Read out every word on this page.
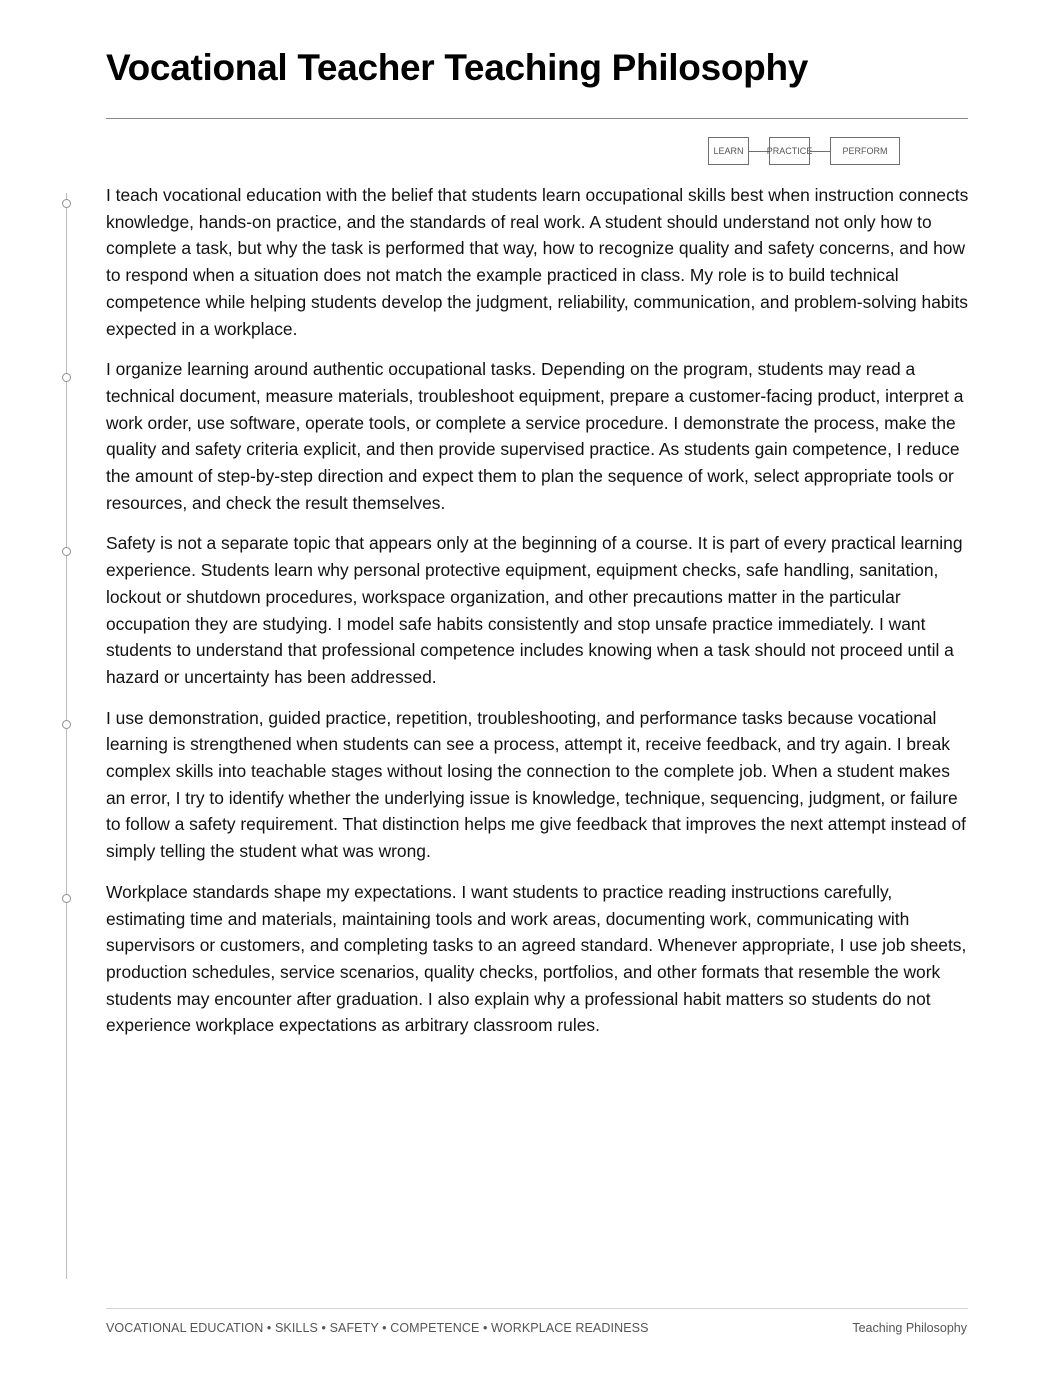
Vocational Teacher Teaching Philosophy
LEARN	PRACTICE	PERFORM

I teach vocational education with the belief that students learn occupational skills best when instruction connects knowledge, hands-on practice, and the standards of real work. A student should understand not only how to complete a task, but why the task is performed that way, how to recognize quality and safety concerns, and how to respond when a situation does not match the example practiced in class. My role is to build technical competence while helping students develop the judgment, reliability, communication, and problem-solving habits expected in a workplace.

I organize learning around authentic occupational tasks. Depending on the program, students may read a technical document, measure materials, troubleshoot equipment, prepare a customer-facing product, interpret a work order, use software, operate tools, or complete a service procedure. I demonstrate the process, make the quality and safety criteria explicit, and then provide supervised practice. As students gain competence, I reduce the amount of step-by-step direction and expect them to plan the sequence of work, select appropriate tools or resources, and check the result themselves.

Safety is not a separate topic that appears only at the beginning of a course. It is part of every practical learning experience. Students learn why personal protective equipment, equipment checks, safe handling, sanitation, lockout or shutdown procedures, workspace organization, and other precautions matter in the particular occupation they are studying. I model safe habits consistently and stop unsafe practice immediately. I want students to understand that professional competence includes knowing when a task should not proceed until a hazard or uncertainty has been addressed.

I use demonstration, guided practice, repetition, troubleshooting, and performance tasks because vocational learning is strengthened when students can see a process, attempt it, receive feedback, and try again. I break complex skills into teachable stages without losing the connection to the complete job. When a student makes an error, I try to identify whether the underlying issue is knowledge, technique, sequencing, judgment, or failure to follow a safety requirement. That distinction helps me give feedback that improves the next attempt instead of simply telling the student what was wrong.

Workplace standards shape my expectations. I want students to practice reading instructions carefully, estimating time and materials, maintaining tools and work areas, documenting work, communicating with supervisors or customers, and completing tasks to an agreed standard. Whenever appropriate, I use job sheets, production schedules, service scenarios, quality checks, portfolios, and other formats that resemble the work students may encounter after graduation. I also explain why a professional habit matters so students do not experience workplace expectations as arbitrary classroom rules.

VOCATIONAL EDUCATION • SKILLS • SAFETY • COMPETENCE • WORKPLACE READINESS	Teaching Philosophy
